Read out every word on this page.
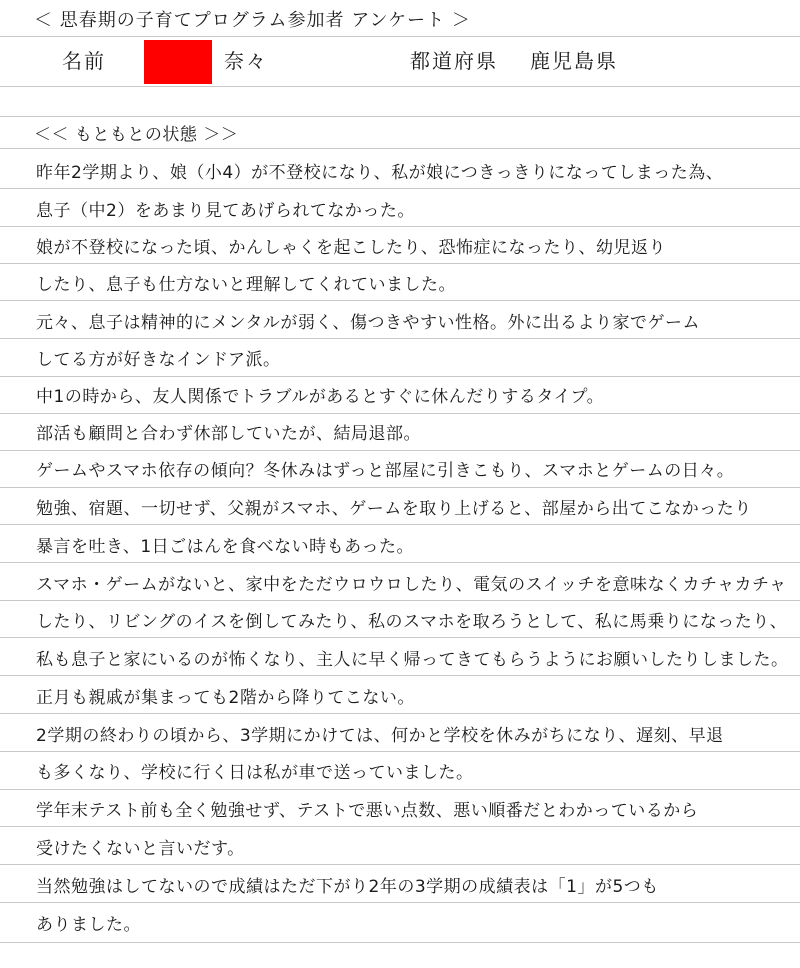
＜ 思春期の子育てプログラム参加者 アンケート ＞
名前	奈々	都道府県 鹿児島県
＜＜ もともとの状態 ＞＞
昨年2学期より、娘（小4）が不登校になり、私が娘につきっきりになってしまった為、
息子（中2）をあまり見てあげられてなかった。
娘が不登校になった頃、かんしゃくを起こしたり、恐怖症になったり、幼児返り
したり、息子も仕方ないと理解してくれていました。
元々、息子は精神的にメンタルが弱く、傷つきやすい性格。外に出るより家でゲーム
してる方が好きなインドア派。
中1の時から、友人関係でトラブルがあるとすぐに休んだりするタイプ。
部活も顧問と合わず休部していたが、結局退部。
ゲームやスマホ依存の傾向？冬休みはずっと部屋に引きこもり、スマホとゲームの日々。
勉強、宿題、一切せず、父親がスマホ、ゲームを取り上げると、部屋から出てこなかったり
暴言を吐き、1日ごはんを食べない時もあった。
スマホ・ゲームがないと、家中をただウロウロしたり、電気のスイッチを意味なくカチャカチャ
したり、リビングのイスを倒してみたり、私のスマホを取ろうとして、私に馬乗りになったり、
私も息子と家にいるのが怖くなり、主人に早く帰ってきてもらうようにお願いしたりしました。
正月も親戚が集まっても2階から降りてこない。
2学期の終わりの頃から、3学期にかけては、何かと学校を休みがちになり、遅刻、早退
も多くなり、学校に行く日は私が車で送っていました。
学年末テスト前も全く勉強せず、テストで悪い点数、悪い順番だとわかっているから
受けたくないと言いだす。
当然勉強はしてないので成績はただ下がり2年の3学期の成績表は「1」が5つも
ありました。
